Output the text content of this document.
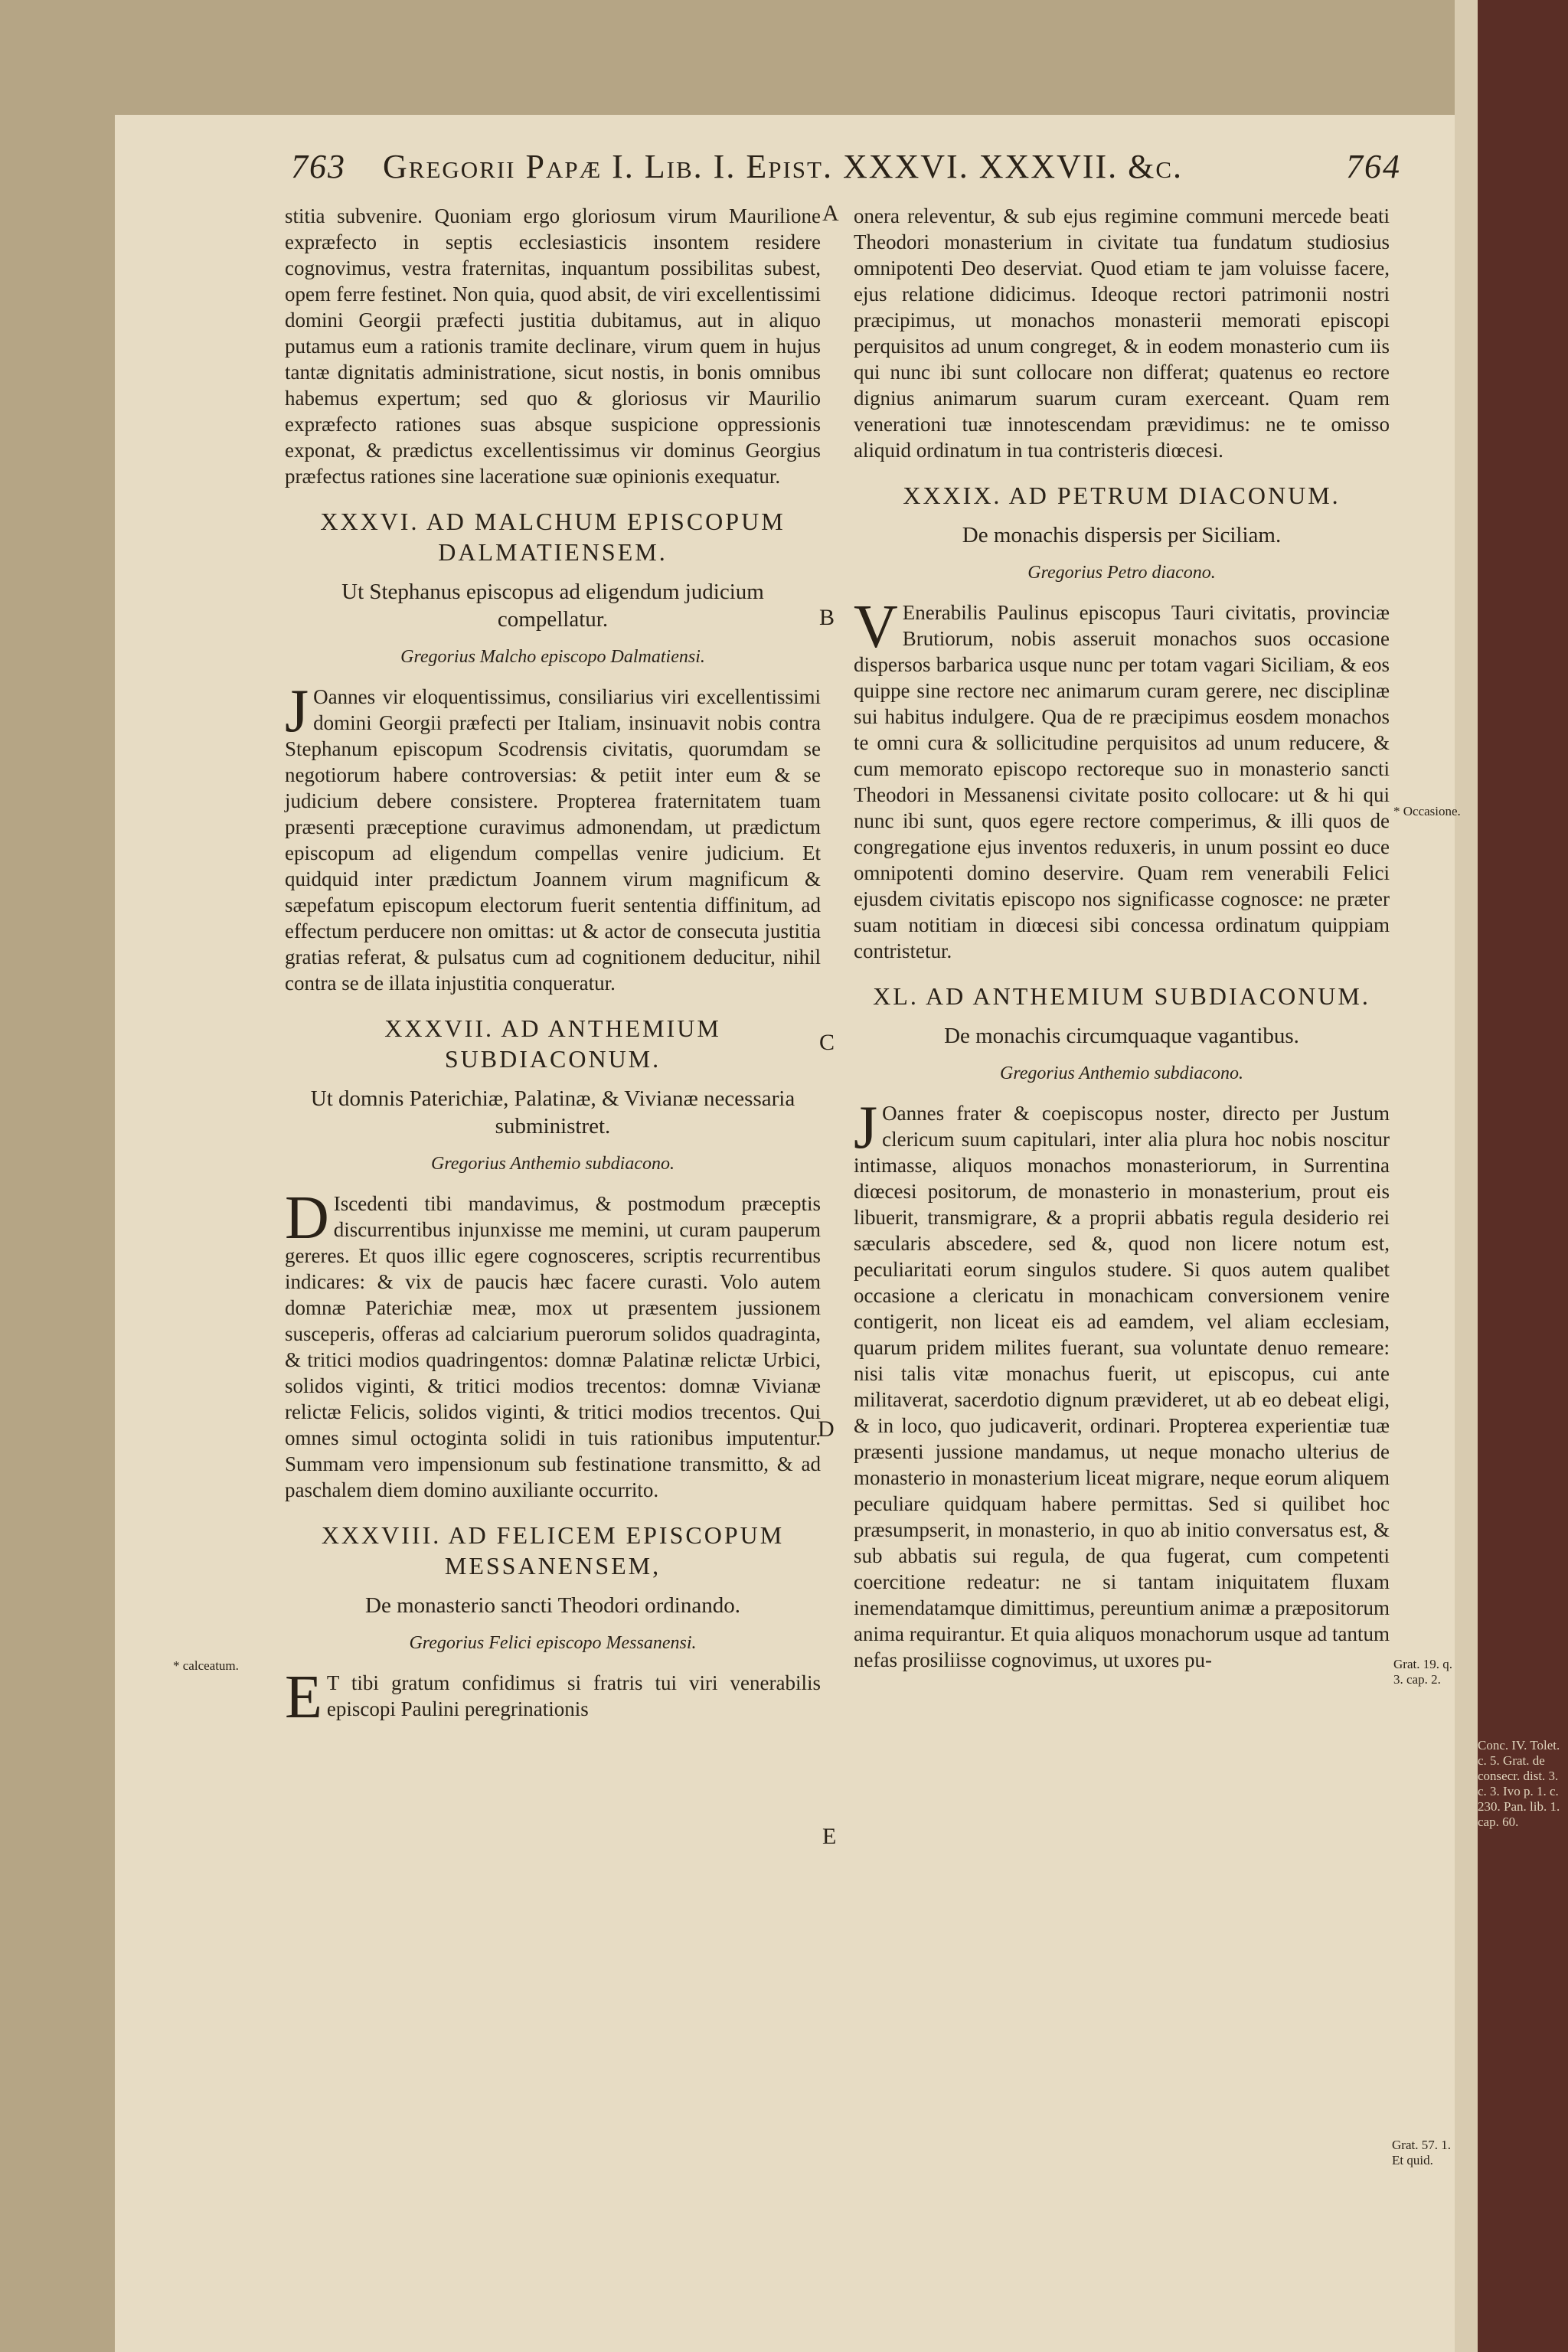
763 Gregorii Papæ I. Lib. I. Epist. XXXVI. XXXVII. &c.	764

stitia subvenire. Quoniam ergo gloriosum virum Maurilione expræfecto in septis ecclesiasticis insontem residere cognovimus, vestra fraternitas, inquantum possibilitas subest, opem ferre festinet. Non quia, quod absit, de viri excellentissimi domini Georgii præfecti justitia dubitamus, aut in aliquo putamus eum a rationis tramite declinare, virum quem in hujus tantæ dignitatis administratione, sicut nostis, in bonis omnibus habemus expertum; sed quo & gloriosus vir Maurilio expræfecto rationes suas absque suspicione oppressionis exponat, & prædictus excellentissimus vir dominus Georgius præfectus rationes sine laceratione suæ opinionis exequatur.

XXXVI. AD MALCHUM EPISCOPUM DALMATIENSEM.
Ut Stephanus episcopus ad eligendum judicium compellatur.
Gregorius Malcho episcopo Dalmatiensi.

J Oannes vir eloquentissimus, consiliarius viri excellentissimi domini Georgii præfecti per Italiam, insinuavit nobis contra Stephanum episcopum Scodrensis civitatis, quorumdam se negotiorum habere controversias: & petiit inter eum & se judicium debere consistere. Propterea fraternitatem tuam præsenti præceptione curavimus admonendam, ut prædictum episcopum ad eligendum compellas venire judicium. Et quidquid inter prædictum Joannem virum magnificum & sæpefatum episcopum electorum fuerit sententia diffinitum, ad effectum perducere non omittas: ut & actor de consecuta justitia gratias referat, & pulsatus cum ad cognitionem deducitur, nihil contra se de illata injustitia conqueratur.

XXXVII. AD ANTHEMIUM SUBDIACONUM.
Ut domnis Paterichiæ, Palatinæ, & Vivianæ necessaria subministret.
Gregorius Anthemio subdiacono.

D Iscedenti tibi mandavimus, & postmodum præceptis discurrentibus injunxisse me memini, ut curam pauperum gereres. Et quos illic egere cognosceres, scriptis recurrentibus indicares: & vix de paucis hæc facere curasti. Volo autem domnæ Paterichiæ meæ, mox ut præsentem jussionem susceperis, offeras ad calciarium puerorum solidos quadraginta, & tritici modios quadringentos: domnæ Palatinæ relictæ Urbici, solidos viginti, & tritici modios trecentos: domnæ Vivianæ relictæ Felicis, solidos viginti, & tritici modios trecentos. Qui omnes simul octoginta solidi in tuis rationibus imputentur. Summam vero impensionum sub festinatione transmitto, & ad paschalem diem domino auxiliante occurrito.

XXXVIII. AD FELICEM EPISCOPUM MESSANENSEM,
De monasterio sancti Theodori ordinando.
Gregorius Felici episcopo Messanensi.

E T tibi gratum confidimus si fratris tui viri venerabilis episcopi Paulini peregrinationis

onera releventur, & sub ejus regimine communi mercede beati Theodori monasterium in civitate tua fundatum studiosius omnipotenti Deo deserviat. Quod etiam te jam voluisse facere, ejus relatione didicimus. Ideoque rectori patrimonii nostri præcipimus, ut monachos monasterii memorati episcopi perquisitos ad unum congreget, & in eodem monasterio cum iis qui nunc ibi sunt collocare non differat; quatenus eo rectore dignius animarum suarum curam exerceant. Quam rem venerationi tuæ innotescendam prævidimus: ne te omisso aliquid ordinatum in tua contristeris diœcesi.

XXXIX. AD PETRUM DIACONUM.
De monachis dispersis per Siciliam.
Gregorius Petro diacono.

V Enerabilis Paulinus episcopus Tauri civitatis, provinciæ Brutiorum, nobis asseruit monachos suos occasione dispersos barbarica usque nunc per totam vagari Siciliam, & eos quippe sine rectore nec animarum curam gerere, nec disciplinæ sui habitus indulgere. Qua de re præcipimus eosdem monachos te omni cura & sollicitudine perquisitos ad unum reducere, & cum memorato episcopo rectoreque suo in monasterio sancti Theodori in Messanensi civitate posito collocare: ut & hi qui nunc ibi sunt, quos egere rectore comperimus, & illi quos de congregatione ejus inventos reduxeris, in unum possint eo duce omnipotenti domino deservire. Quam rem venerabili Felici ejusdem civitatis episcopo nos significasse cognosce: ne præter suam notitiam in diœcesi sibi concessa ordinatum quippiam contristetur.

XL. AD ANTHEMIUM SUBDIACONUM.
De monachis circumquaque vagantibus.
Gregorius Anthemio subdiacono.

J Oannes frater & coepiscopus noster, directo per Justum clericum suum capitulari, inter alia plura hoc nobis noscitur intimasse, aliquos monachos monasteriorum, in Surrentina diœcesi positorum, de monasterio in monasterium, prout eis libuerit, transmigrare, & a proprii abbatis regula desiderio rei sæcularis abscedere, sed &, quod non licere notum est, peculiaritati eorum singulos studere. Si quos autem qualibet occasione a clericatu in monachicam conversionem venire contigerit, non liceat eis ad eamdem, vel aliam ecclesiam, quarum pridem milites fuerant, sua voluntate denuo remeare: nisi talis vitæ monachus fuerit, ut episcopus, cui ante militaverat, sacerdotio dignum prævideret, ut ab eo debeat eligi, & in loco, quo judicaverit, ordinari. Propterea experientiæ tuæ præsenti jussione mandamus, ut neque monacho ulterius de monasterio in monasterium liceat migrare, neque eorum aliquem peculiare quidquam habere permittas. Sed si quilibet hoc præsumpserit, in monasterio, in quo ab initio conversatus est, & sub abbatis sui regula, de qua fugerat, cum competenti coercitione redeatur: ne si tantam iniquitatem fluxam inemendatamque dimittimus, pereuntium animæ a præpositorum anima requirantur. Et quia aliquos monachorum usque ad tantum nefas prosiliisse cognovimus, ut uxores pu-

A
B
C
D
E
* calceatum.
* Occasione.
Grat. 19. q. 3. cap. 2.
Conc. IV. Tolet. c. 5. Grat. de consecr. dist. 3. c. 3. Ivo p. 1. c. 230. Pan. lib. 1. cap. 60.
Grat. 57. 1. Et quid.
